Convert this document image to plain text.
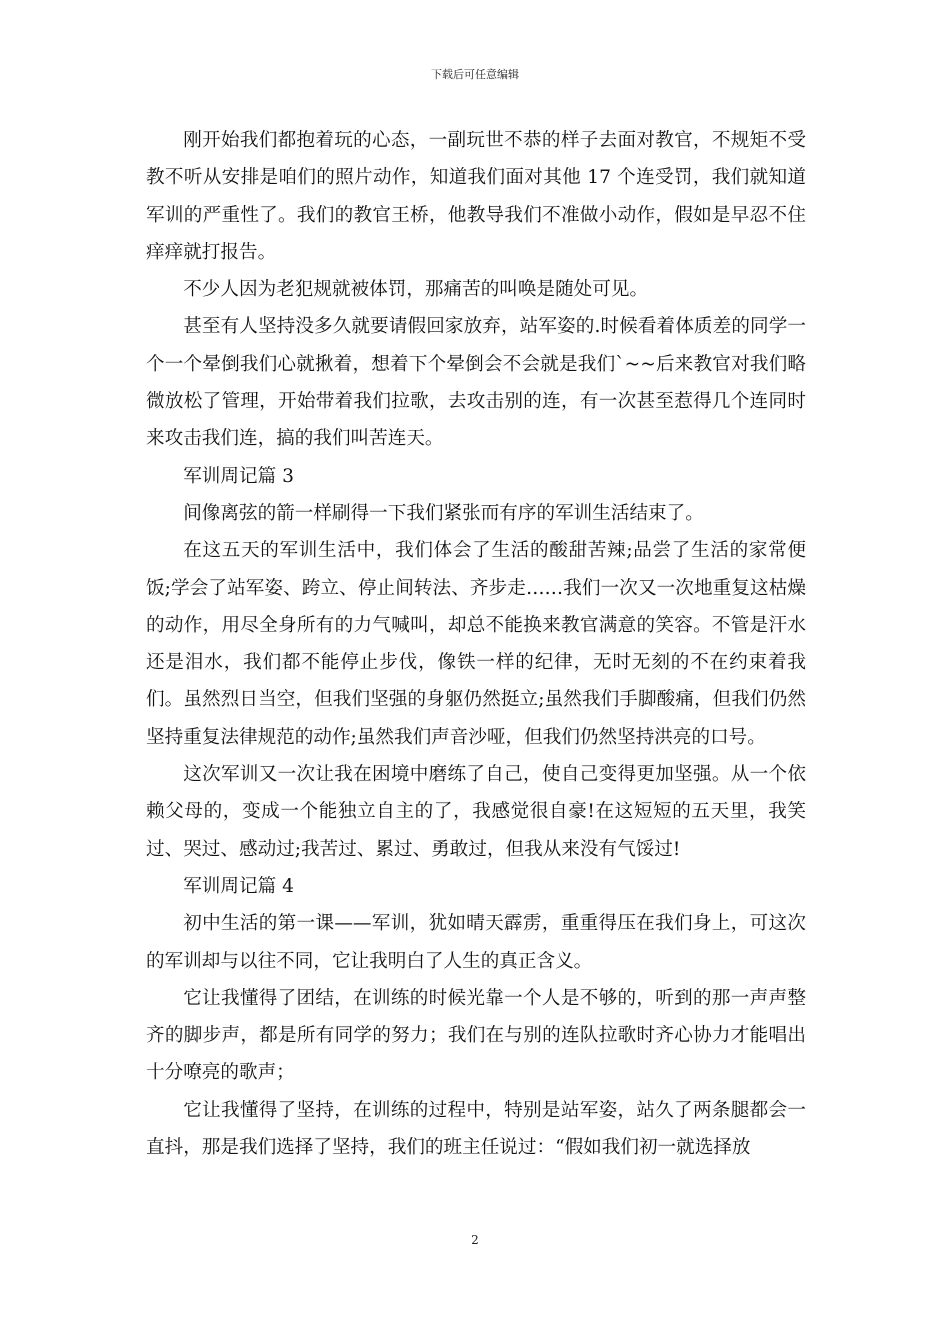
下载后可任意编辑

刚开始我们都抱着玩的心态，一副玩世不恭的样子去面对教官，不规矩不受教不听从安排是咱们的照片动作，知道我们面对其他 17 个连受罚，我们就知道军训的严重性了。我们的教官王桥，他教导我们不准做小动作，假如是早忍不住痒痒就打报告。

不少人因为老犯规就被体罚，那痛苦的叫唤是随处可见。

甚至有人坚持没多久就要请假回家放弃，站军姿的.时候看着体质差的同学一个一个晕倒我们心就揪着，想着下个晕倒会不会就是我们`~~后来教官对我们略微放松了管理，开始带着我们拉歌，去攻击别的连，有一次甚至惹得几个连同时来攻击我们连，搞的我们叫苦连天。

军训周记篇 3

间像离弦的箭一样刷得一下我们紧张而有序的军训生活结束了。

在这五天的军训生活中，我们体会了生活的酸甜苦辣;品尝了生活的家常便饭;学会了站军姿、跨立、停止间转法、齐步走……我们一次又一次地重复这枯燥的动作，用尽全身所有的力气喊叫，却总不能换来教官满意的笑容。不管是汗水还是泪水，我们都不能停止步伐，像铁一样的纪律，无时无刻的不在约束着我们。虽然烈日当空，但我们坚强的身躯仍然挺立;虽然我们手脚酸痛，但我们仍然坚持重复法律规范的动作;虽然我们声音沙哑，但我们仍然坚持洪亮的口号。

这次军训又一次让我在困境中磨练了自己，使自己变得更加坚强。从一个依赖父母的，变成一个能独立自主的了，我感觉很自豪!在这短短的五天里，我笑过、哭过、感动过;我苦过、累过、勇敢过，但我从来没有气馁过!

军训周记篇 4

初中生活的第一课——军训，犹如晴天霹雳，重重得压在我们身上，可这次的军训却与以往不同，它让我明白了人生的真正含义。

它让我懂得了团结，在训练的时候光靠一个人是不够的，听到的那一声声整齐的脚步声，都是所有同学的努力；我们在与别的连队拉歌时齐心协力才能唱出十分嘹亮的歌声；

它让我懂得了坚持，在训练的过程中，特别是站军姿，站久了两条腿都会一直抖，那是我们选择了坚持，我们的班主任说过：“假如我们初一就选择放

2
